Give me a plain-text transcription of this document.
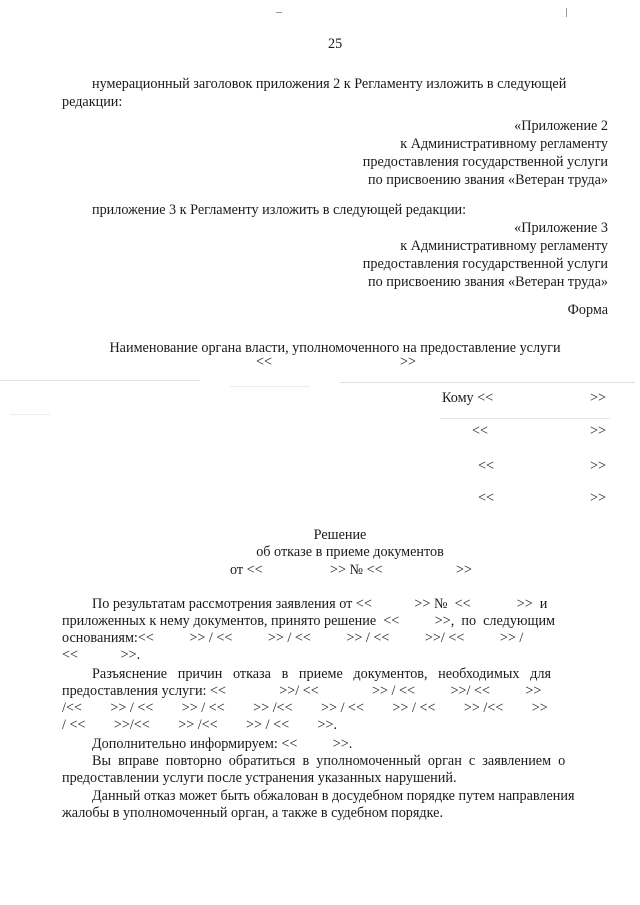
25
нумерационный заголовок приложения 2 к Регламенту изложить в следующей
редакции:
«Приложение 2
к Административному регламенту
предоставления государственной услуги
по присвоению звания «Ветеран труда»
приложение 3 к Регламенту изложить в следующей редакции:
«Приложение 3
к Административному регламенту
предоставления государственной услуги
по присвоению звания «Ветеран труда»
Форма
Наименование органа власти, уполномоченного на предоставление услуги
<<	>>
Кому <<	>>
<<	>>
<<	>>
<<	>>
Решение
об отказе в приеме документов
от <<	>> № <<	>>
По результатам рассмотрения заявления от <<            >> №  <<             >>  и
приложенных к нему документов, принято решение  <<          >>,  по  следующим
основаниям:<<          >> / <<          >> / <<          >> / <<          >>/ <<          >> /
<<            >>.
Разъяснение   причин   отказа   в   приеме   документов,   необходимых   для
предоставления услуги: <<               >>/ <<               >> / <<          >>/ <<          >>
/<<        >> / <<        >> / <<        >> /<<        >> / <<        >> / <<        >> /<<        >>
/ <<        >>/<<        >> /<<        >> / <<        >>.
Дополнительно информируем: <<          >>.
Вы  вправе  повторно  обратиться  в  уполномоченный  орган  с  заявлением  о
предоставлении услуги после устранения указанных нарушений.
Данный отказ может быть обжалован в досудебном порядке путем направления
жалобы в уполномоченный орган, а также в судебном порядке.
